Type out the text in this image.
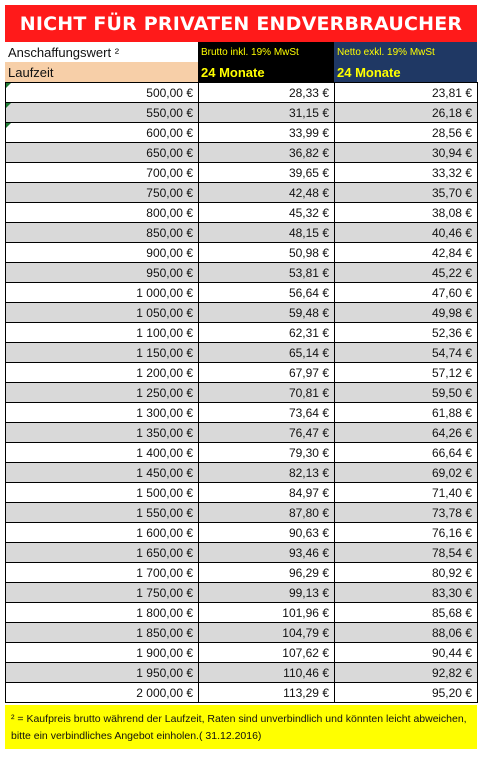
NICHT FÜR PRIVATEN ENDVERBRAUCHER
Anschaffungswert ²	Brutto inkl. 19% MwSt	Netto exkl. 19% MwSt
Laufzeit	24 Monate	24 Monate
500,00 €	28,33 €	23,81 €

550,00 €	31,15 €	26,18 €

600,00 €	33,99 €	28,56 €
650,00 €	36,82 €	30,94 €
700,00 €	39,65 €	33,32 €
750,00 €	42,48 €	35,70 €
800,00 €	45,32 €	38,08 €
850,00 €	48,15 €	40,46 €
900,00 €	50,98 €	42,84 €
950,00 €	53,81 €	45,22 €
1 000,00 €	56,64 €	47,60 €
1 050,00 €	59,48 €	49,98 €
1 100,00 €	62,31 €	52,36 €
1 150,00 €	65,14 €	54,74 €
1 200,00 €	67,97 €	57,12 €
1 250,00 €	70,81 €	59,50 €
1 300,00 €	73,64 €	61,88 €
1 350,00 €	76,47 €	64,26 €
1 400,00 €	79,30 €	66,64 €
1 450,00 €	82,13 €	69,02 €
1 500,00 €	84,97 €	71,40 €
1 550,00 €	87,80 €	73,78 €
1 600,00 €	90,63 €	76,16 €
1 650,00 €	93,46 €	78,54 €
1 700,00 €	96,29 €	80,92 €
1 750,00 €	99,13 €	83,30 €
1 800,00 €	101,96 €	85,68 €
1 850,00 €	104,79 €	88,06 €
1 900,00 €	107,62 €	90,44 €
1 950,00 €	110,46 €	92,82 €
2 000,00 €	113,29 €	95,20 €
² = Kaufpreis brutto während der Laufzeit, Raten sind unverbindlich und könnten leicht abweichen, bitte ein verbindliches Angebot einholen.( 31.12.2016)
